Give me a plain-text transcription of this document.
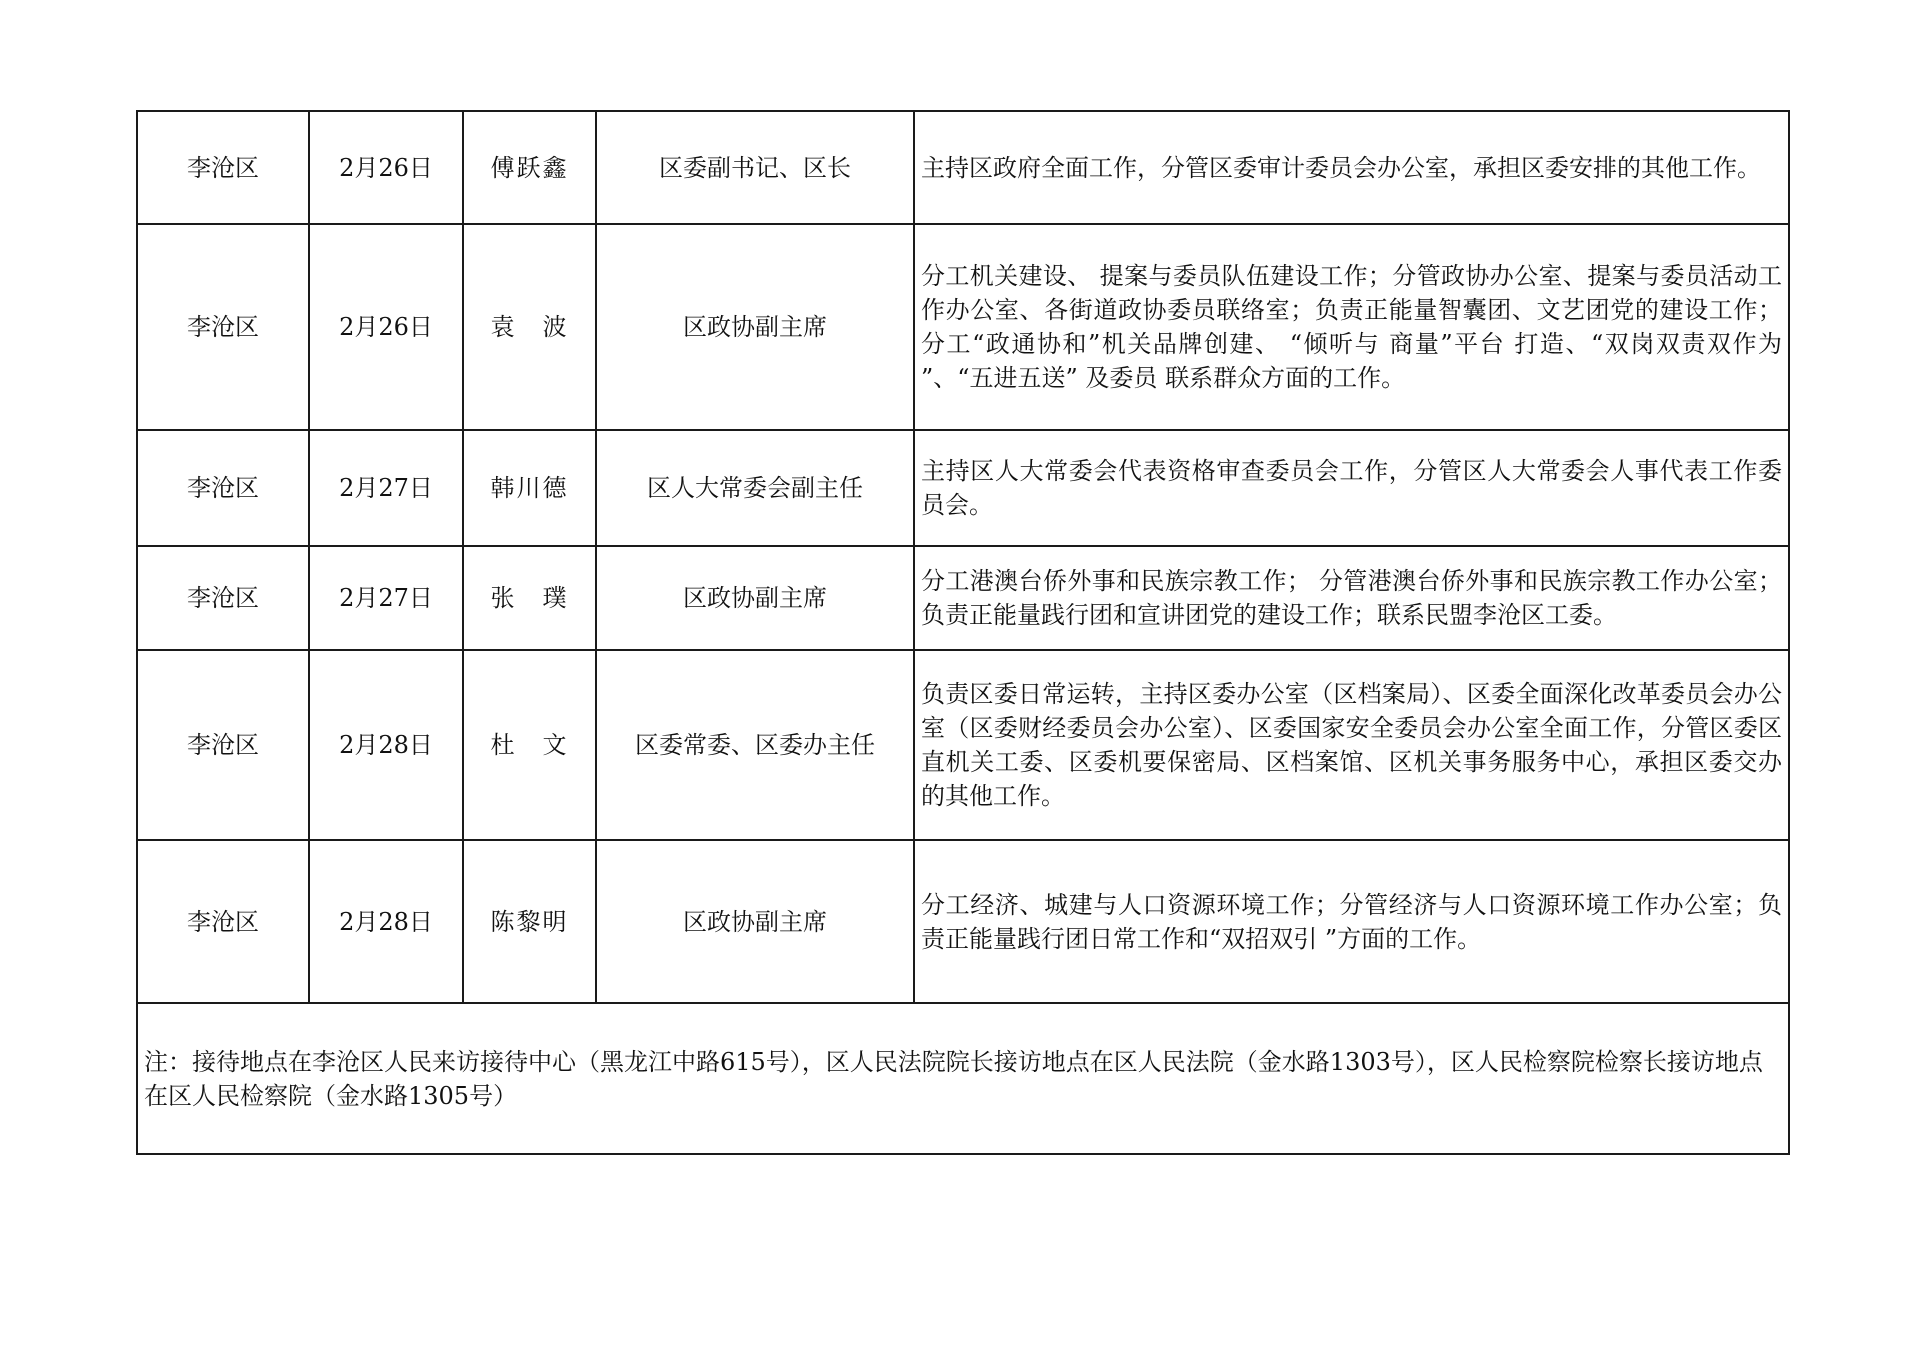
李沧区	2月26日	傅跃鑫	区委副书记、区长	主持区政府全面工作，分管区委审计委员会办公室，承担区委安排的其他工作。

李沧区	2月26日	袁　波	区政协副主席	分工机关建设、 提案与委员队伍建设工作；分管政协办公室、提案与委员活动工作办公室、各街道政协委员联络室；负责正能量智囊团、文艺团党的建设工作；分工“政通协和”机关品牌创建、 “倾听与 商量”平台 打造、“双岗双责双作为 ”、“五进五送” 及委员 联系群众方面的工作。

李沧区	2月27日	韩川德	区人大常委会副主任	主持区人大常委会代表资格审查委员会工作，分管区人大常委会人事代表工作委员会。

李沧区	2月27日	张　璞	区政协副主席	分工港澳台侨外事和民族宗教工作； 分管港澳台侨外事和民族宗教工作办公室；负责正能量践行团和宣讲团党的建设工作；联系民盟李沧区工委。

李沧区	2月28日	杜　文	区委常委、区委办主任	负责区委日常运转，主持区委办公室（区档案局）、区委全面深化改革委员会办公室（区委财经委员会办公室）、区委国家安全委员会办公室全面工作，分管区委区直机关工委、区委机要保密局、区档案馆、区机关事务服务中心，承担区委交办的其他工作。

李沧区	2月28日	陈黎明	区政协副主席	分工经济、城建与人口资源环境工作；分管经济与人口资源环境工作办公室；负责正能量践行团日常工作和“双招双引 ”方面的工作。

注：接待地点在李沧区人民来访接待中心（黑龙江中路615号），区人民法院院长接访地点在区人民法院（金水路1303号），区人民检察院检察长接访地点在区人民检察院（金水路1305号）				
